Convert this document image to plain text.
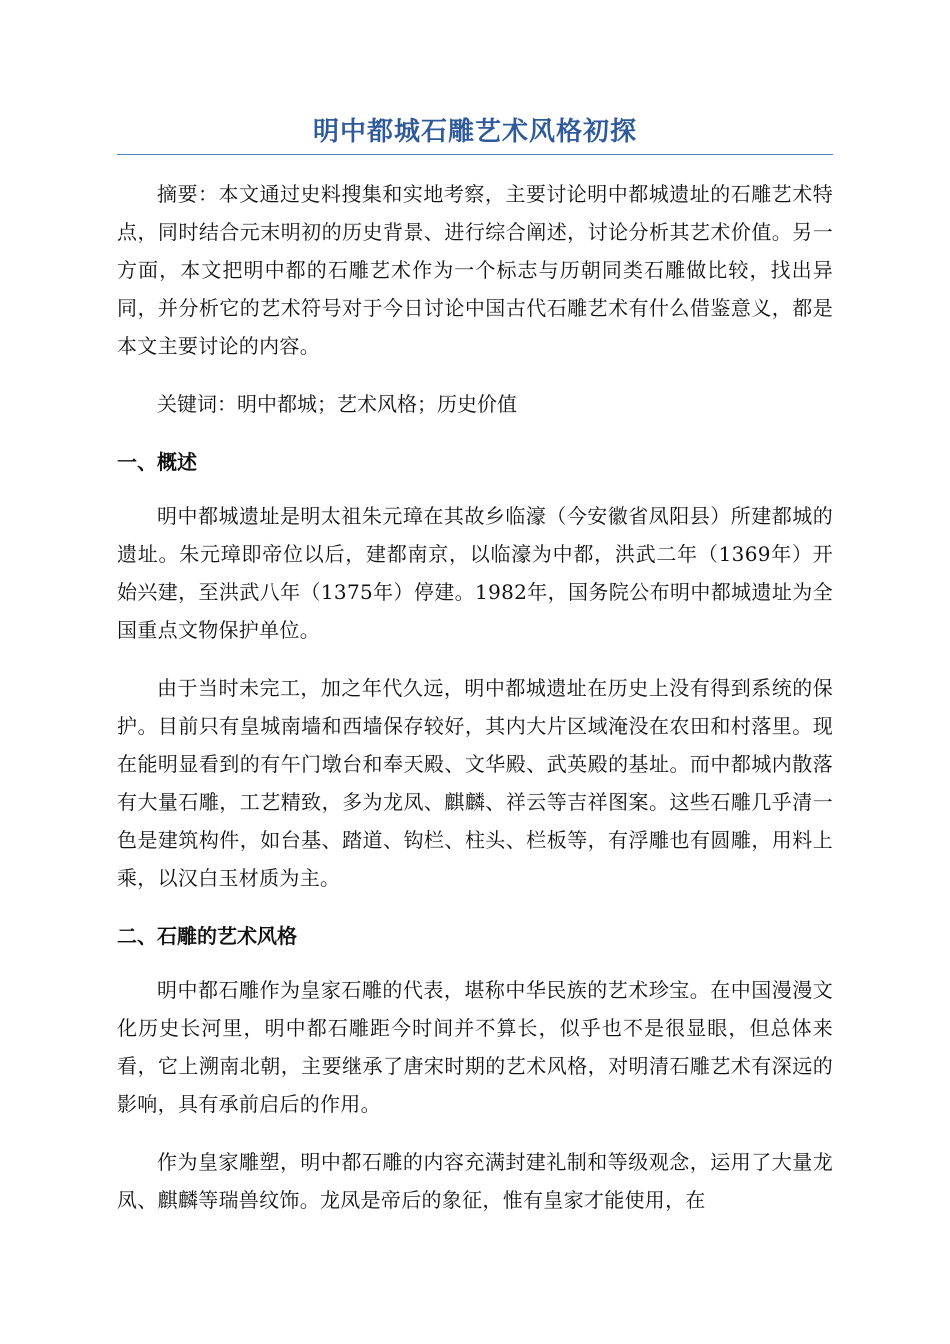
明中都城石雕艺术风格初探

摘要：本文通过史料搜集和实地考察，主要讨论明中都城遗址的石雕艺术特点，同时结合元末明初的历史背景、进行综合阐述，讨论分析其艺术价值。另一方面，本文把明中都的石雕艺术作为一个标志与历朝同类石雕做比较，找出异同，并分析它的艺术符号对于今日讨论中国古代石雕艺术有什么借鉴意义，都是本文主要讨论的内容。

关键词：明中都城；艺术风格；历史价值

一、概述

明中都城遗址是明太祖朱元璋在其故乡临濠（今安徽省凤阳县）所建都城的遗址。朱元璋即帝位以后，建都南京，以临濠为中都，洪武二年（1369年）开始兴建，至洪武八年（1375年）停建。1982年，国务院公布明中都城遗址为全国重点文物保护单位。

由于当时未完工，加之年代久远，明中都城遗址在历史上没有得到系统的保护。目前只有皇城南墙和西墙保存较好，其内大片区域淹没在农田和村落里。现在能明显看到的有午门墩台和奉天殿、文华殿、武英殿的基址。而中都城内散落有大量石雕，工艺精致，多为龙凤、麒麟、祥云等吉祥图案。这些石雕几乎清一色是建筑构件，如台基、踏道、钩栏、柱头、栏板等，有浮雕也有圆雕，用料上乘，以汉白玉材质为主。

二、石雕的艺术风格

明中都石雕作为皇家石雕的代表，堪称中华民族的艺术珍宝。在中国漫漫文化历史长河里，明中都石雕距今时间并不算长，似乎也不是很显眼，但总体来看，它上溯南北朝，主要继承了唐宋时期的艺术风格，对明清石雕艺术有深远的影响，具有承前启后的作用。

作为皇家雕塑，明中都石雕的内容充满封建礼制和等级观念，运用了大量龙凤、麒麟等瑞兽纹饰。龙凤是帝后的象征，惟有皇家才能使用，在
